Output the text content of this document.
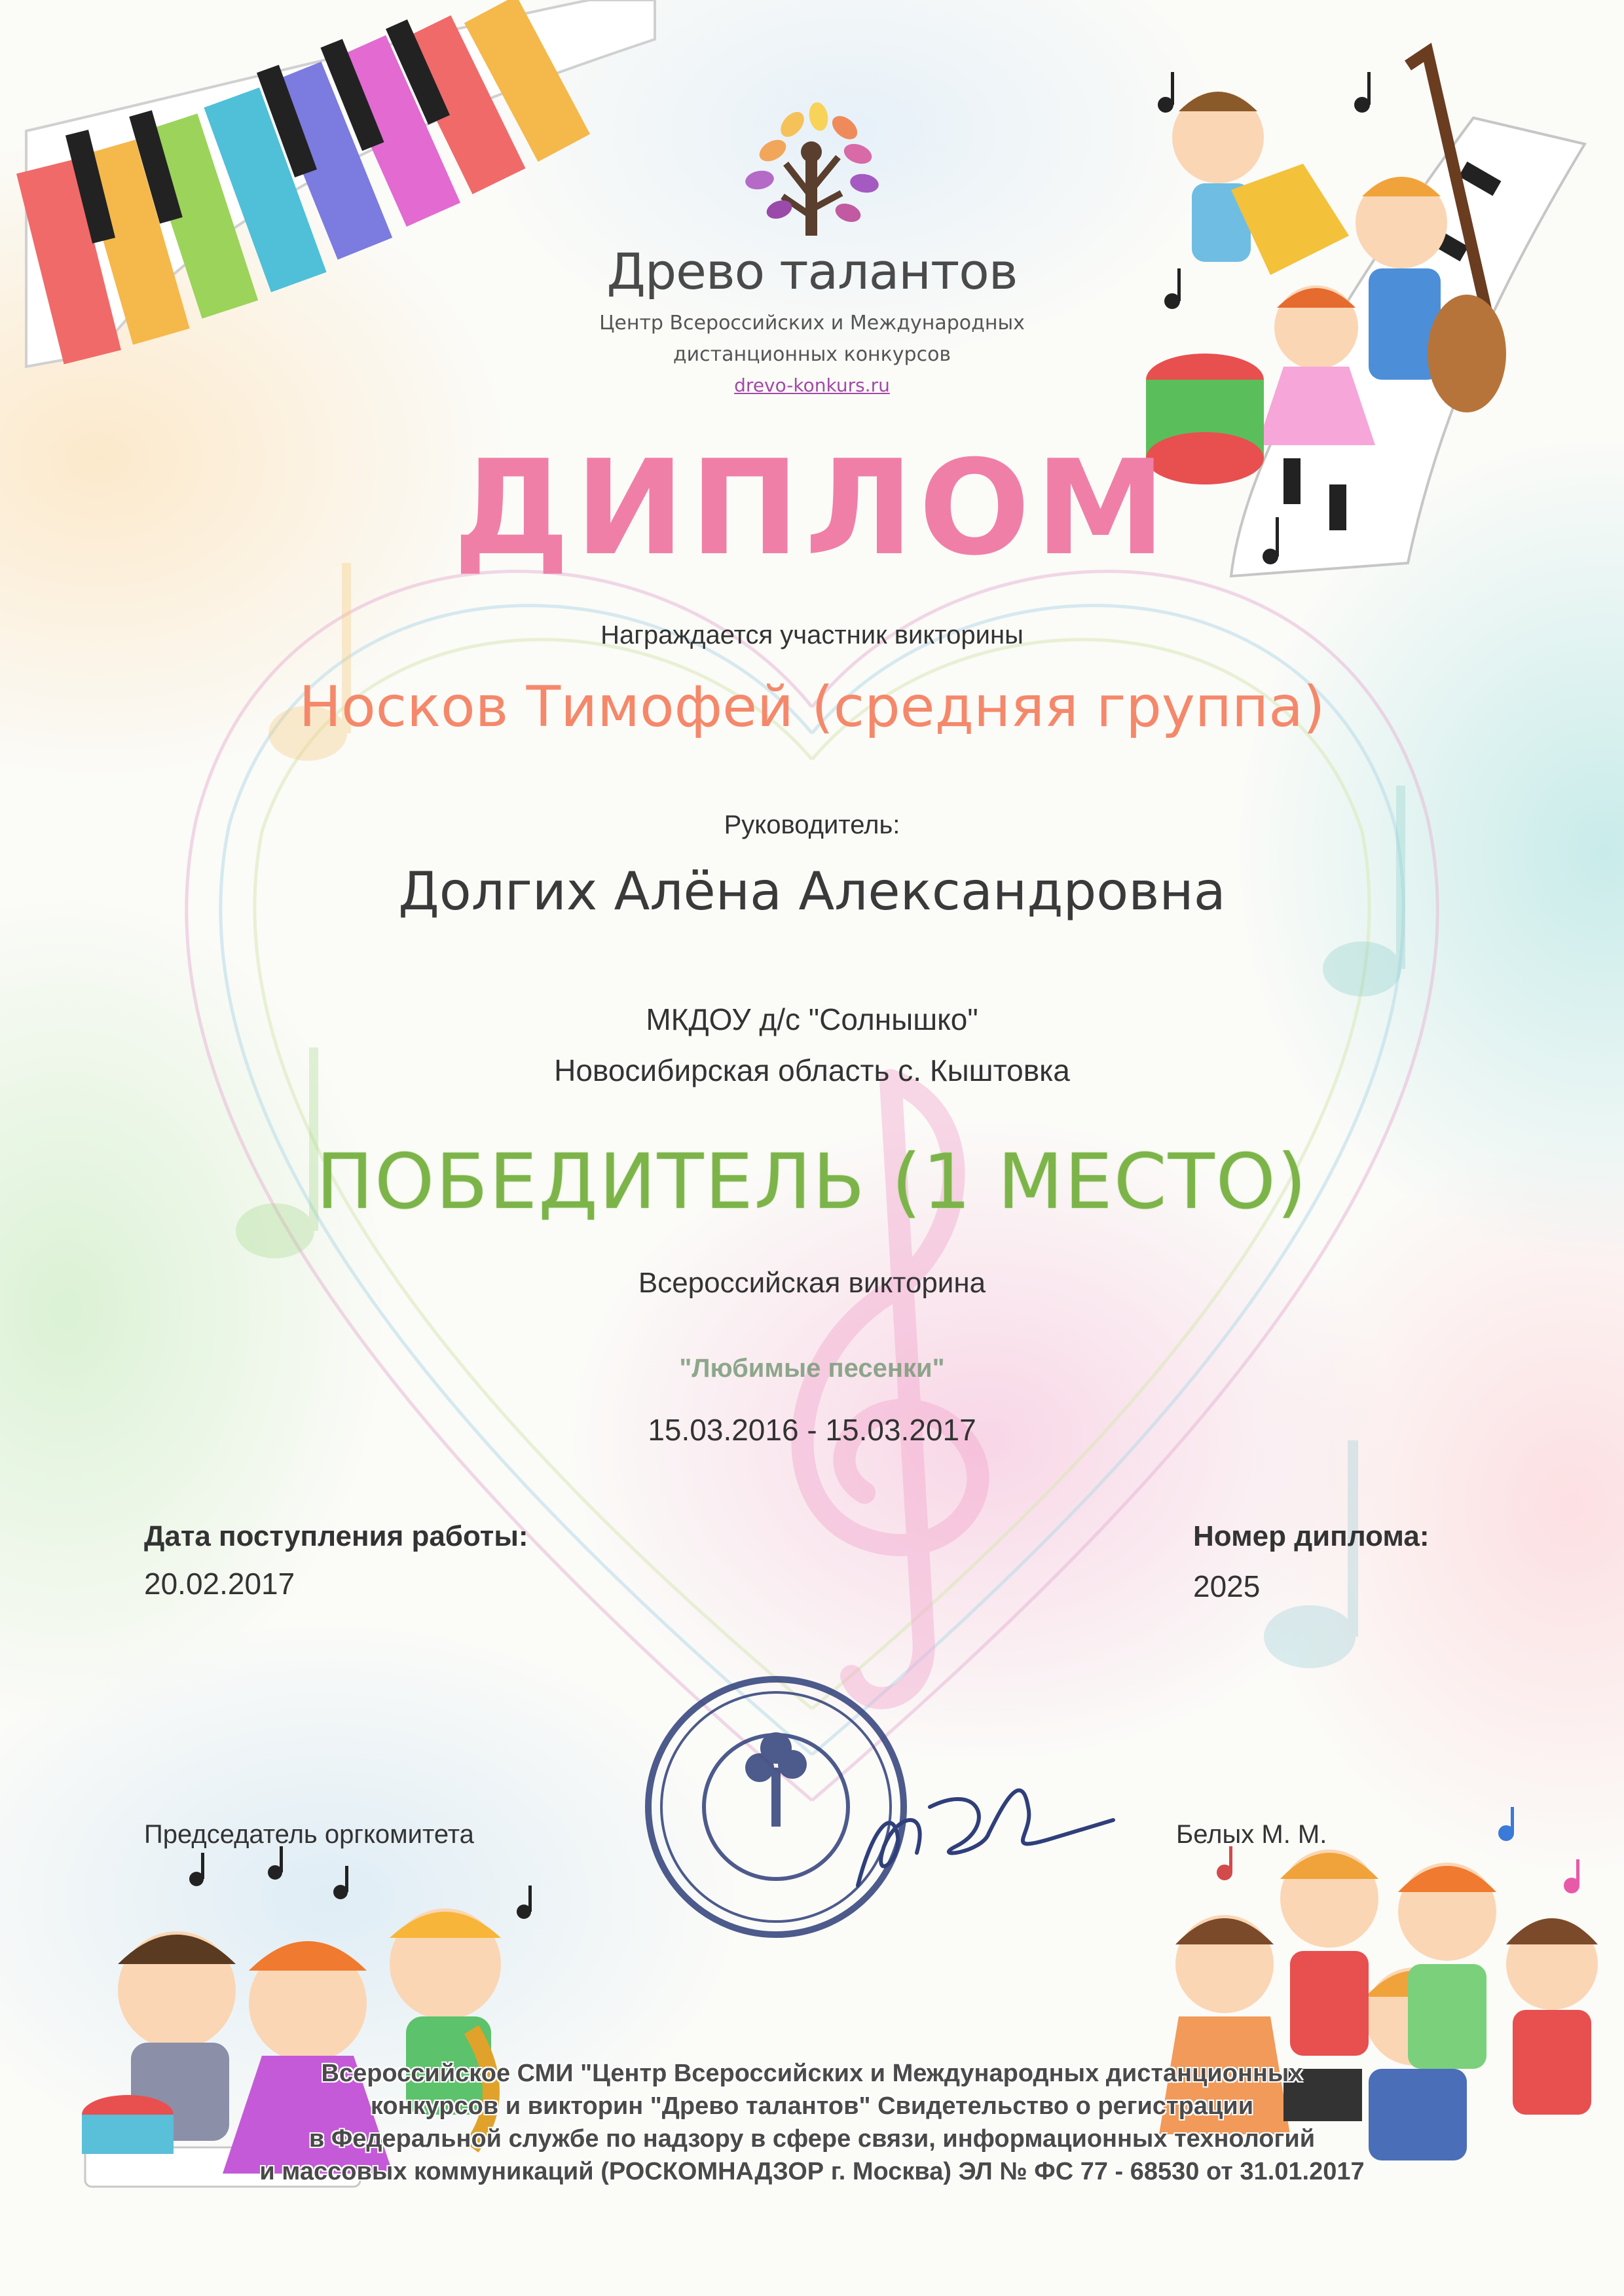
Древо талантов
Центр Всероссийских и Международных
дистанционных конкурсов
drevo-konkurs.ru
ДИПЛОМ
Награждается участник викторины
Носков Тимофей (средняя группа)
Руководитель:
Долгих Алёна Александровна
МКДОУ д/с "Солнышко"
Новосибирская область с. Кыштовка
ПОБЕДИТЕЛЬ (1 МЕСТО)
Всероссийская викторина
"Любимые песенки"
15.03.2016 - 15.03.2017
Дата поступления работы:
20.02.2017
Номер диплома:
2025
Председатель оргкомитета	Белых М. М.
Всероссийское СМИ "Центр Всероссийских и Международных дистанционных
конкурсов и викторин "Древо талантов" Свидетельство о регистрации
в Федеральной службе по надзору в сфере связи, информационных технологий
и массовых коммуникаций (РОСКОМНАДЗОР г. Москва) ЭЛ № ФС 77 - 68530 от 31.01.2017
